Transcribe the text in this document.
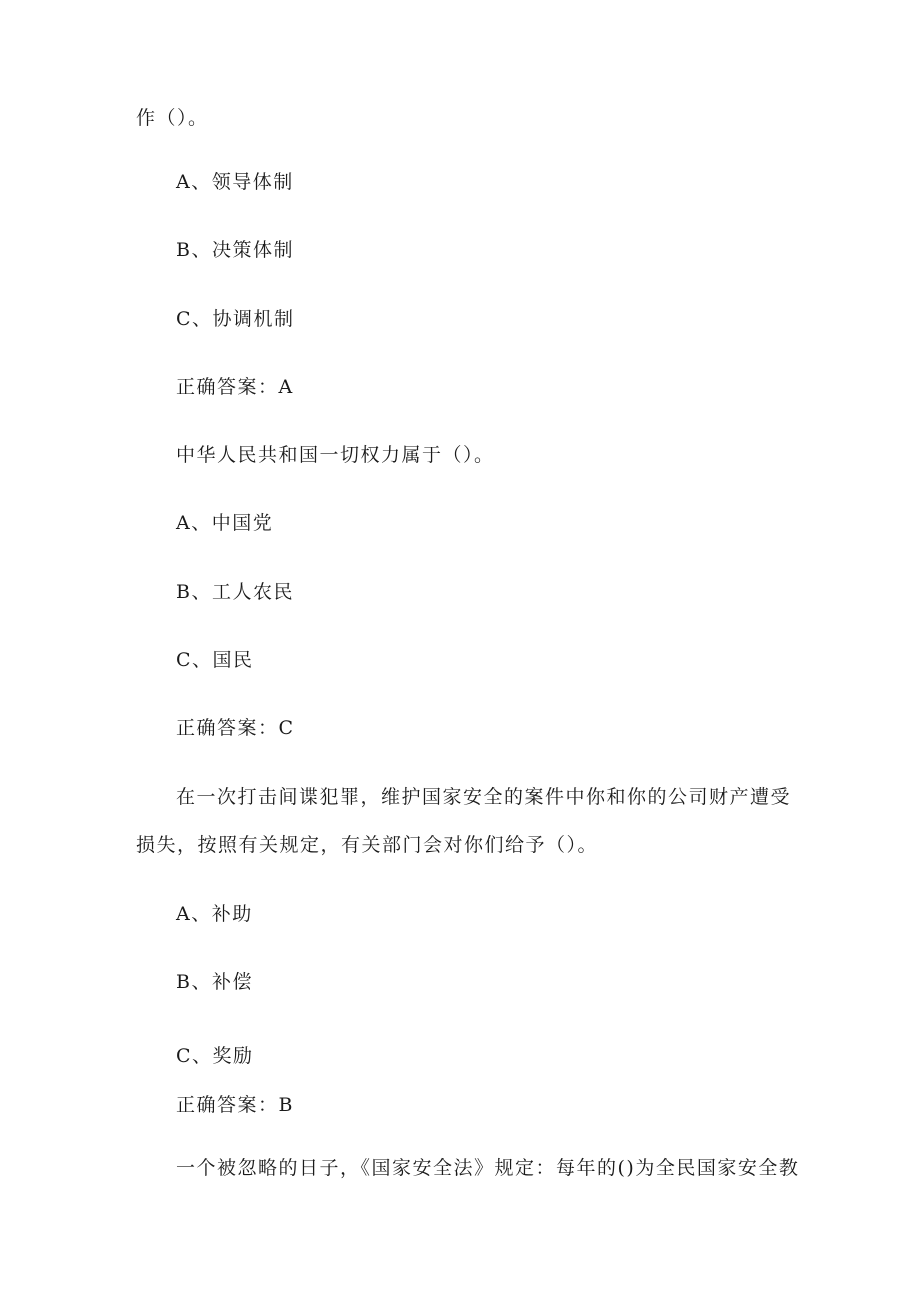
作（）。
A、领导体制
B、决策体制
C、协调机制
正确答案：A
中华人民共和国一切权力属于（）。
A、中国党
B、工人农民
C、国民
正确答案：C
在一次打击间谍犯罪，维护国家安全的案件中你和你的公司财产遭受
损失，按照有关规定，有关部门会对你们给予（）。
A、补助
B、补偿
C、奖励
正确答案：B
一个被忽略的日子，《国家安全法》规定：每年的()为全民国家安全教
